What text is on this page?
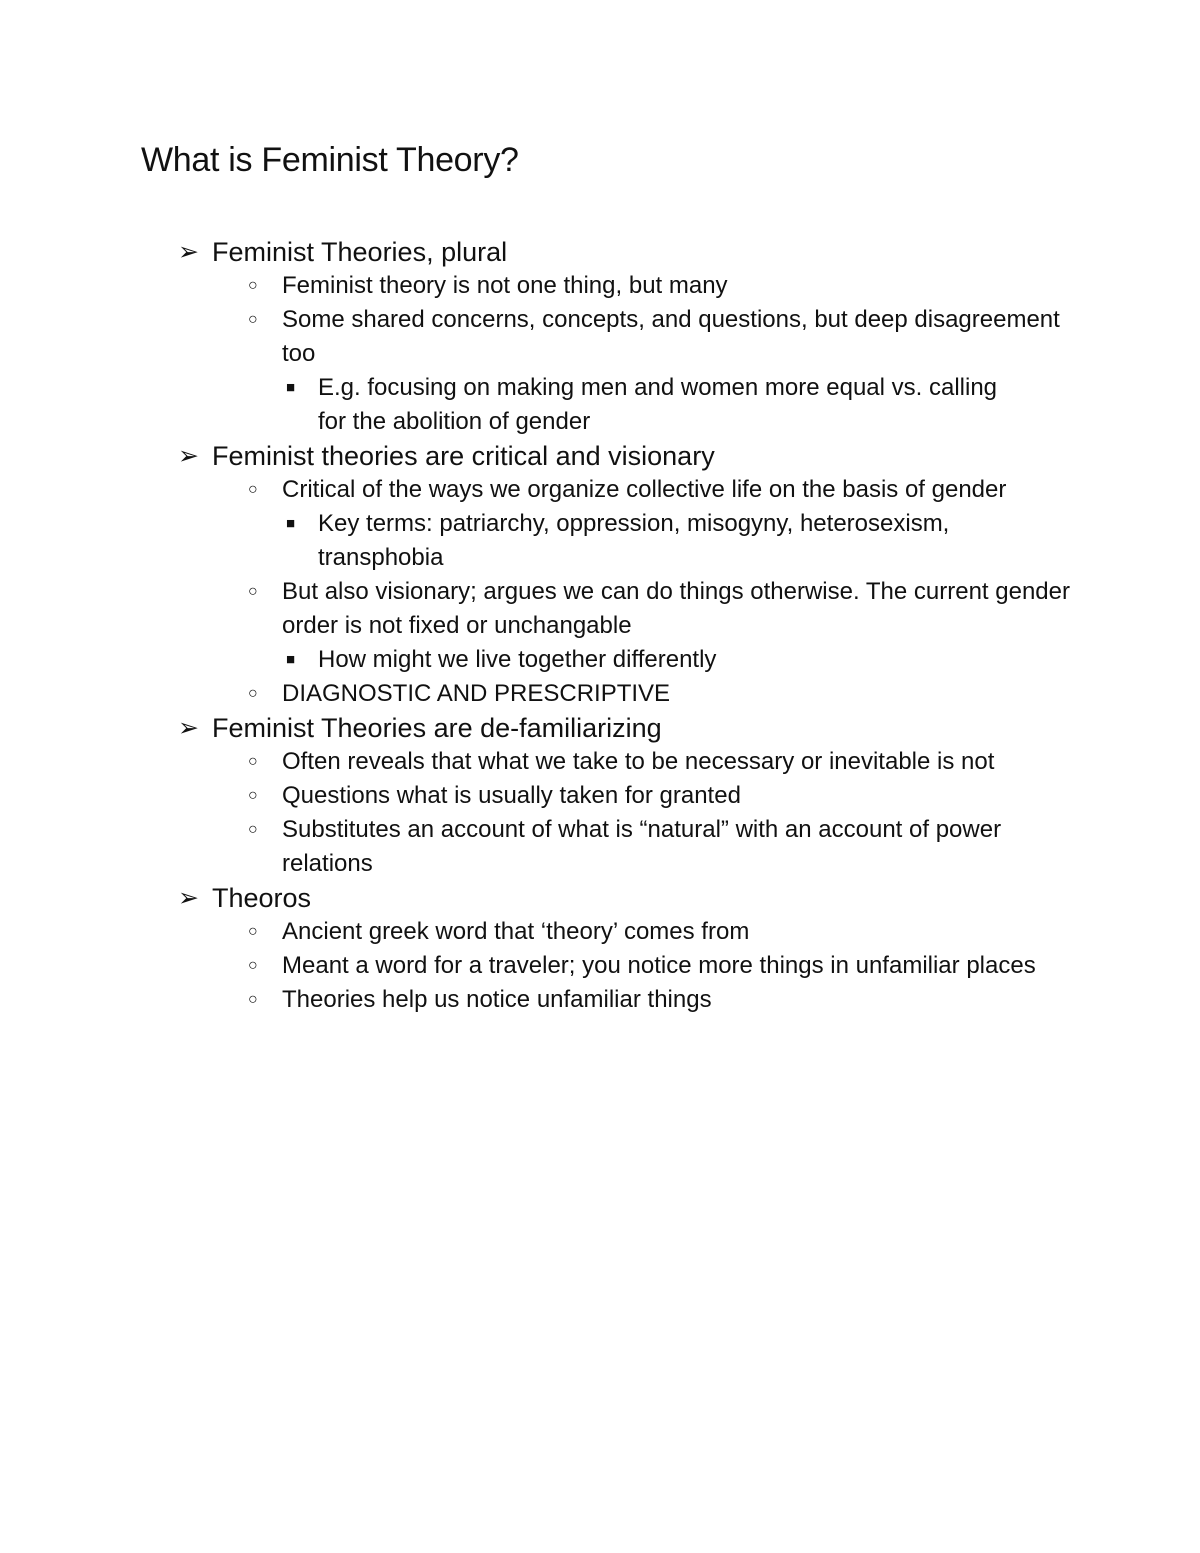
What is Feminist Theory?
➢ Feminist Theories, plural
○ Feminist theory is not one thing, but many
○ Some shared concerns, concepts, and questions, but deep disagreement too
■ E.g. focusing on making men and women more equal vs. calling for the abolition of gender
➢ Feminist theories are critical and visionary
○ Critical of the ways we organize collective life on the basis of gender
■ Key terms: patriarchy, oppression, misogyny, heterosexism, transphobia
○ But also visionary; argues we can do things otherwise. The current gender order is not fixed or unchangable
■ How might we live together differently
○ DIAGNOSTIC AND PRESCRIPTIVE
➢ Feminist Theories are de-familiarizing
○ Often reveals that what we take to be necessary or inevitable is not
○ Questions what is usually taken for granted
○ Substitutes an account of what is “natural” with an account of power relations
➢ Theoros
○ Ancient greek word that ‘theory’ comes from
○ Meant a word for a traveler; you notice more things in unfamiliar places
○ Theories help us notice unfamiliar things
